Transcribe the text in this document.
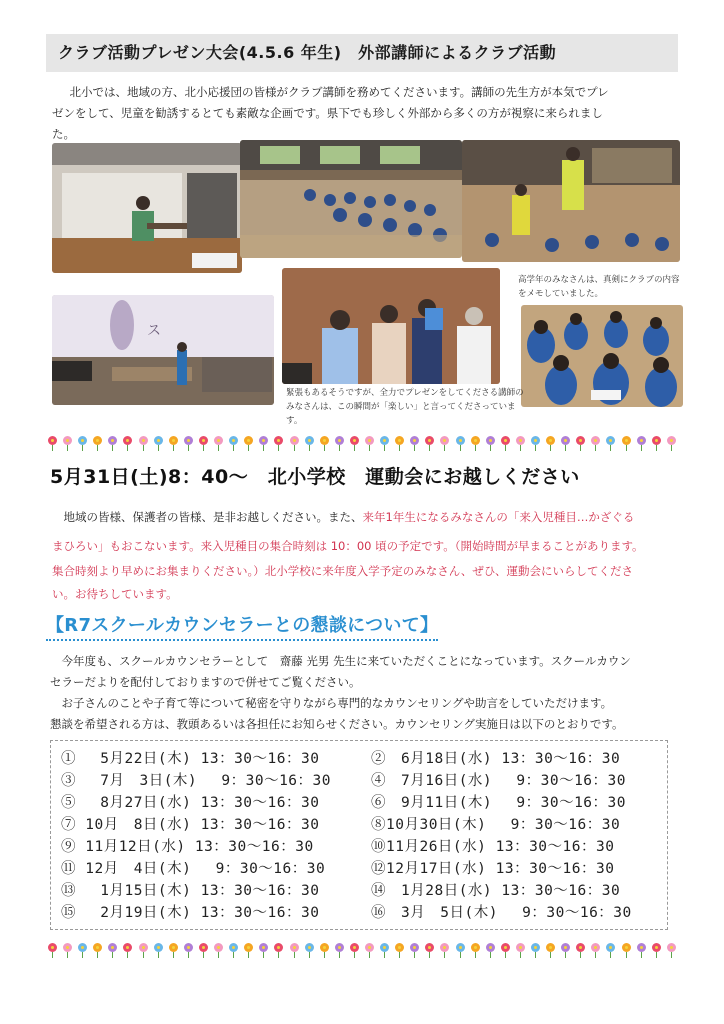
クラブ活動プレゼン大会(4.5.6 年生)　外部講師によるクラブ活動
　北小では、地域の方、北小応援団の皆様がクラブ講師を務めてくださいます。講師の先生方が本気でプレ
ゼンをして、児童を勧誘するとても素敵な企画です。県下でも珍しく外部から多くの方が視察に来られまし
た。
高学年のみなさんは、真剣にクラブの内容
をメモしていました。
ス
緊張もあるそうですが、全力でプレゼンをしてくださる講師の
みなさんは、この瞬間が「楽しい」と言ってくださっています。
5月31日(土)8：40～　北小学校　運動会にお越しください
　地域の皆様、保護者の皆様、是非お越しください。また、来年1年生になるみなさんの「来入児種目…かざぐる
まひろい」もおこないます。来入児種目の集合時刻は 10：00 頃の予定です。（開始時間が早まることがあります。
集合時刻より早めにお集まりください。）北小学校に来年度入学予定のみなさん、ぜひ、運動会にいらしてくださ
い。お待ちしています。
【R7スクールカウンセラーとの懇談について】
　今年度も、スクールカウンセラーとして　齋藤 光男 先生に来ていただくことになっています。スクールカウン
セラーだよりを配付しておりますので併せてご覧ください。
　お子さんのことや子育て等について秘密を守りながら専門的なカウンセリングや助言をしていただけます。
懇談を希望される方は、教頭あるいは各担任にお知らせください。カウンセリング実施日は以下のとおりです。
①　 5月22日(木) 13：30～16：30	②　6月18日(水) 13：30～16：30
③　 7月　3日(木)　 9：30～16：30	④　7月16日(水)　 9：30～16：30
⑤　 8月27日(水) 13：30～16：30	⑥　9月11日(木)　 9：30～16：30
⑦ 10月　8日(水) 13：30～16：30	⑧10月30日(木)　 9：30～16：30
⑨ 11月12日(水) 13：30～16：30	⑩11月26日(水) 13：30～16：30
⑪ 12月　4日(木)　 9：30～16：30	⑫12月17日(水) 13：30～16：30
⑬　 1月15日(木) 13：30～16：30	⑭　1月28日(水) 13：30～16：30
⑮　 2月19日(木) 13：30～16：30	⑯　3月　5日(木)　 9：30～16：30
